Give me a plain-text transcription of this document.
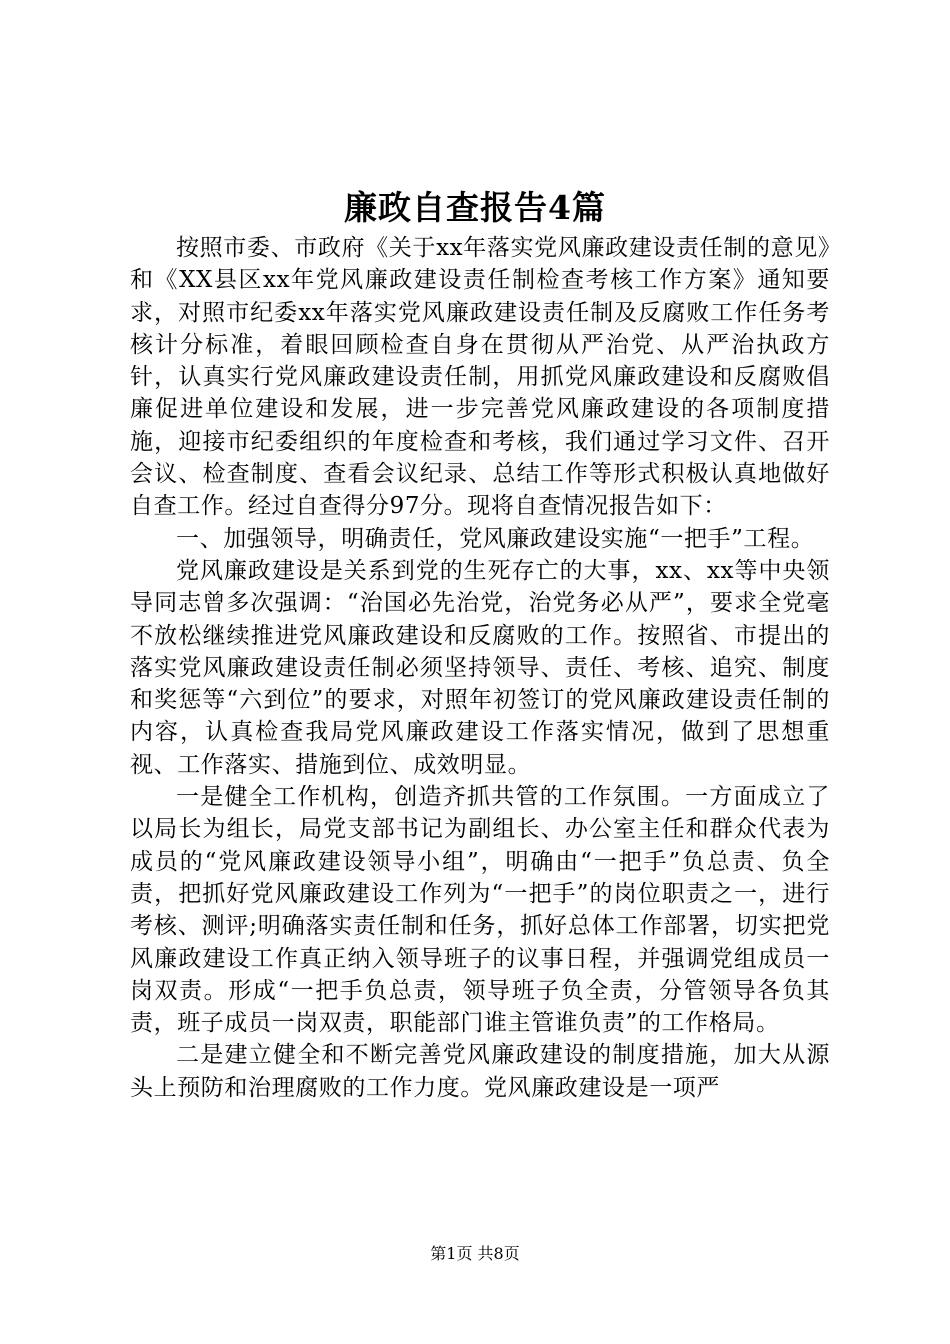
廉政自查报告4篇

按照市委、市政府《关于xx年落实党风廉政建设责任制的意见》和《XX县区xx年党风廉政建设责任制检查考核工作方案》通知要求，对照市纪委xx年落实党风廉政建设责任制及反腐败工作任务考核计分标准，着眼回顾检查自身在贯彻从严治党、从严治执政方针，认真实行党风廉政建设责任制，用抓党风廉政建设和反腐败倡廉促进单位建设和发展，进一步完善党风廉政建设的各项制度措施，迎接市纪委组织的年度检查和考核，我们通过学习文件、召开会议、检查制度、查看会议纪录、总结工作等形式积极认真地做好自查工作。经过自查得分97分。现将自查情况报告如下：

一、加强领导，明确责任，党风廉政建设实施“一把手”工程。

党风廉政建设是关系到党的生死存亡的大事，xx、xx等中央领导同志曾多次强调：“治国必先治党，治党务必从严”，要求全党毫不放松继续推进党风廉政建设和反腐败的工作。按照省、市提出的落实党风廉政建设责任制必须坚持领导、责任、考核、追究、制度和奖惩等“六到位”的要求，对照年初签订的党风廉政建设责任制的内容，认真检查我局党风廉政建设工作落实情况，做到了思想重视、工作落实、措施到位、成效明显。

一是健全工作机构，创造齐抓共管的工作氛围。一方面成立了以局长为组长，局党支部书记为副组长、办公室主任和群众代表为成员的“党风廉政建设领导小组”，明确由“一把手”负总责、负全责，把抓好党风廉政建设工作列为“一把手”的岗位职责之一，进行考核、测评;明确落实责任制和任务，抓好总体工作部署，切实把党风廉政建设工作真正纳入领导班子的议事日程，并强调党组成员一岗双责。形成“一把手负总责，领导班子负全责，分管领导各负其责，班子成员一岗双责，职能部门谁主管谁负责”的工作格局。

二是建立健全和不断完善党风廉政建设的制度措施，加大从源头上预防和治理腐败的工作力度。党风廉政建设是一项严

第1页 共8页
